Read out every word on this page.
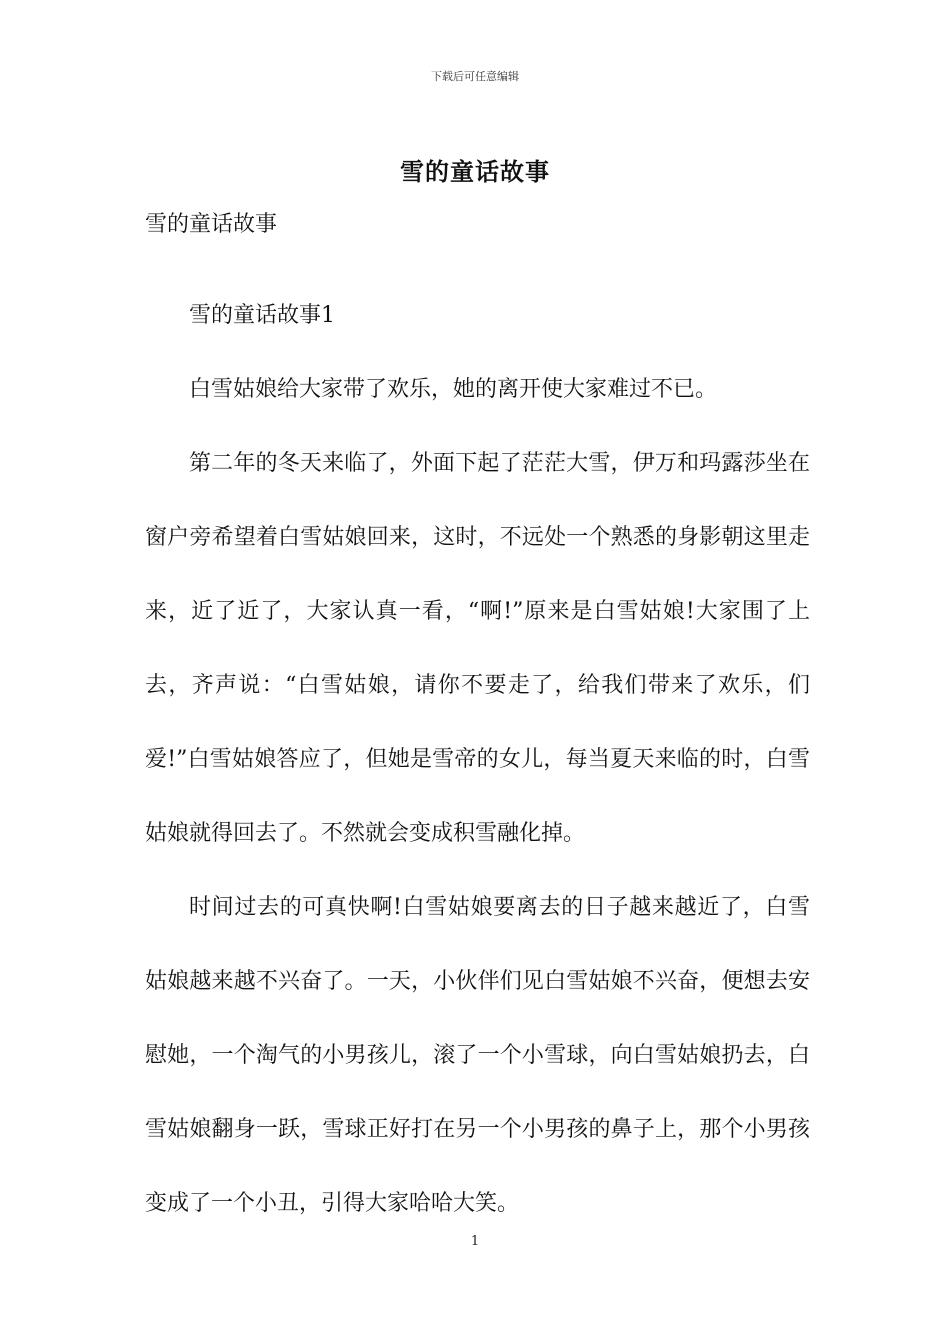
下载后可任意编辑
雪的童话故事

雪的童话故事

雪的童话故事1

白雪姑娘给大家带了欢乐，她的离开使大家难过不已。

第二年的冬天来临了，外面下起了茫茫大雪，伊万和玛露莎坐在窗户旁希望着白雪姑娘回来，这时，不远处一个熟悉的身影朝这里走来，近了近了，大家认真一看，“啊!”原来是白雪姑娘!大家围了上去，齐声说：“白雪姑娘，请你不要走了，给我们带来了欢乐，们爱!”白雪姑娘答应了，但她是雪帝的女儿，每当夏天来临的时，白雪姑娘就得回去了。不然就会变成积雪融化掉。

时间过去的可真快啊!白雪姑娘要离去的日子越来越近了，白雪姑娘越来越不兴奋了。一天，小伙伴们见白雪姑娘不兴奋，便想去安慰她，一个淘气的小男孩儿，滚了一个小雪球，向白雪姑娘扔去，白雪姑娘翻身一跃，雪球正好打在另一个小男孩的鼻子上，那个小男孩变成了一个小丑，引得大家哈哈大笑。

1
